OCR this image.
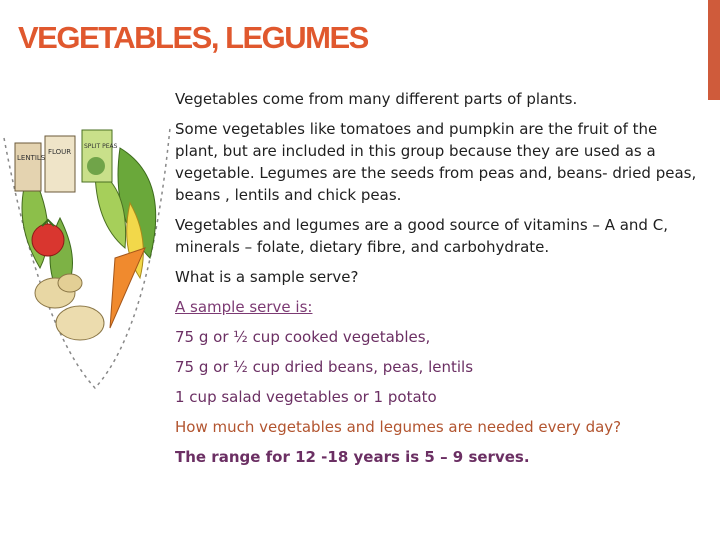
VEGETABLES, LEGUMES
LENTILS
FLOUR
SPLIT PEAS

Vegetables come from many different parts of plants.

Some vegetables like tomatoes and pumpkin are the fruit of the plant, but are included in this group because they are used as a vegetable. Legumes are the seeds from peas and, beans- dried peas, beans , lentils and chick peas.

Vegetables and legumes are a good source of vitamins – A and C, minerals – folate, dietary fibre, and carbohydrate.

What is a sample serve?

A sample serve is:

75 g or ½ cup cooked vegetables,

75 g or ½ cup dried beans, peas, lentils

1 cup salad vegetables or 1 potato

How much vegetables and legumes are needed every day?

The range for 12 -18 years is 5 – 9 serves.
